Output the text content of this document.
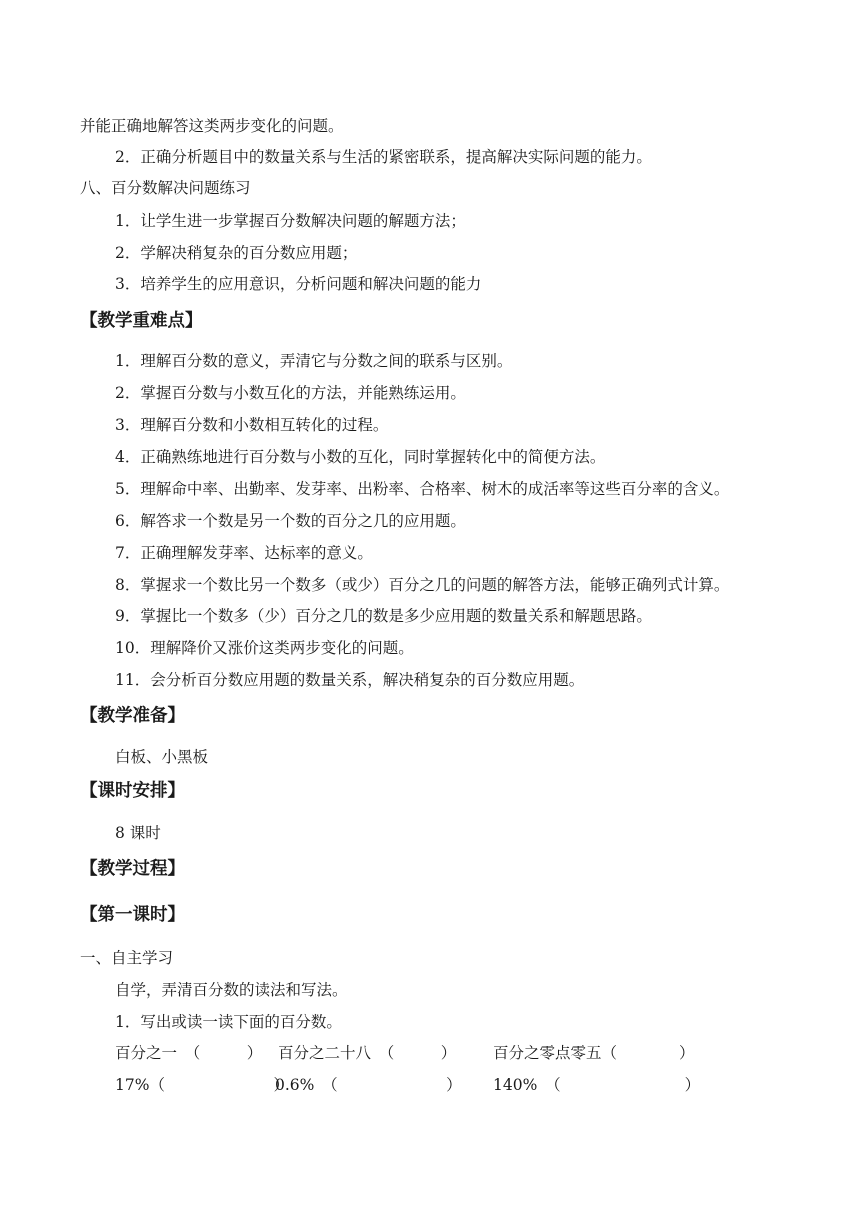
并能正确地解答这类两步变化的问题。
2．正确分析题目中的数量关系与生活的紧密联系，提高解决实际问题的能力。
八、百分数解决问题练习
1．让学生进一步掌握百分数解决问题的解题方法；
2．学解决稍复杂的百分数应用题；
3．培养学生的应用意识，分析问题和解决问题的能力
【教学重难点】
1．理解百分数的意义，弄清它与分数之间的联系与区别。
2．掌握百分数与小数互化的方法，并能熟练运用。
3．理解百分数和小数相互转化的过程。
4．正确熟练地进行百分数与小数的互化，同时掌握转化中的简便方法。
5．理解命中率、出勤率、发芽率、出粉率、合格率、树木的成活率等这些百分率的含义。
6．解答求一个数是另一个数的百分之几的应用题。
7．正确理解发芽率、达标率的意义。
8．掌握求一个数比另一个数多（或少）百分之几的问题的解答方法，能够正确列式计算。
9．掌握比一个数多（少）百分之几的数是多少应用题的数量关系和解题思路。
10．理解降价又涨价这类两步变化的问题。
11．会分析百分数应用题的数量关系，解决稍复杂的百分数应用题。
【教学准备】
白板、小黑板
【课时安排】
8 课时
【教学过程】
【第一课时】
一、自主学习
自学，弄清百分数的读法和写法。
1．写出或读一读下面的百分数。
百分之一　（　　　） 百分之二十八　（　　　） 百分之零点零五（　　　　）
17%（　　　　　　　）
0.6%　（　　　　　　　） 140%　（　　　　　　　　）
